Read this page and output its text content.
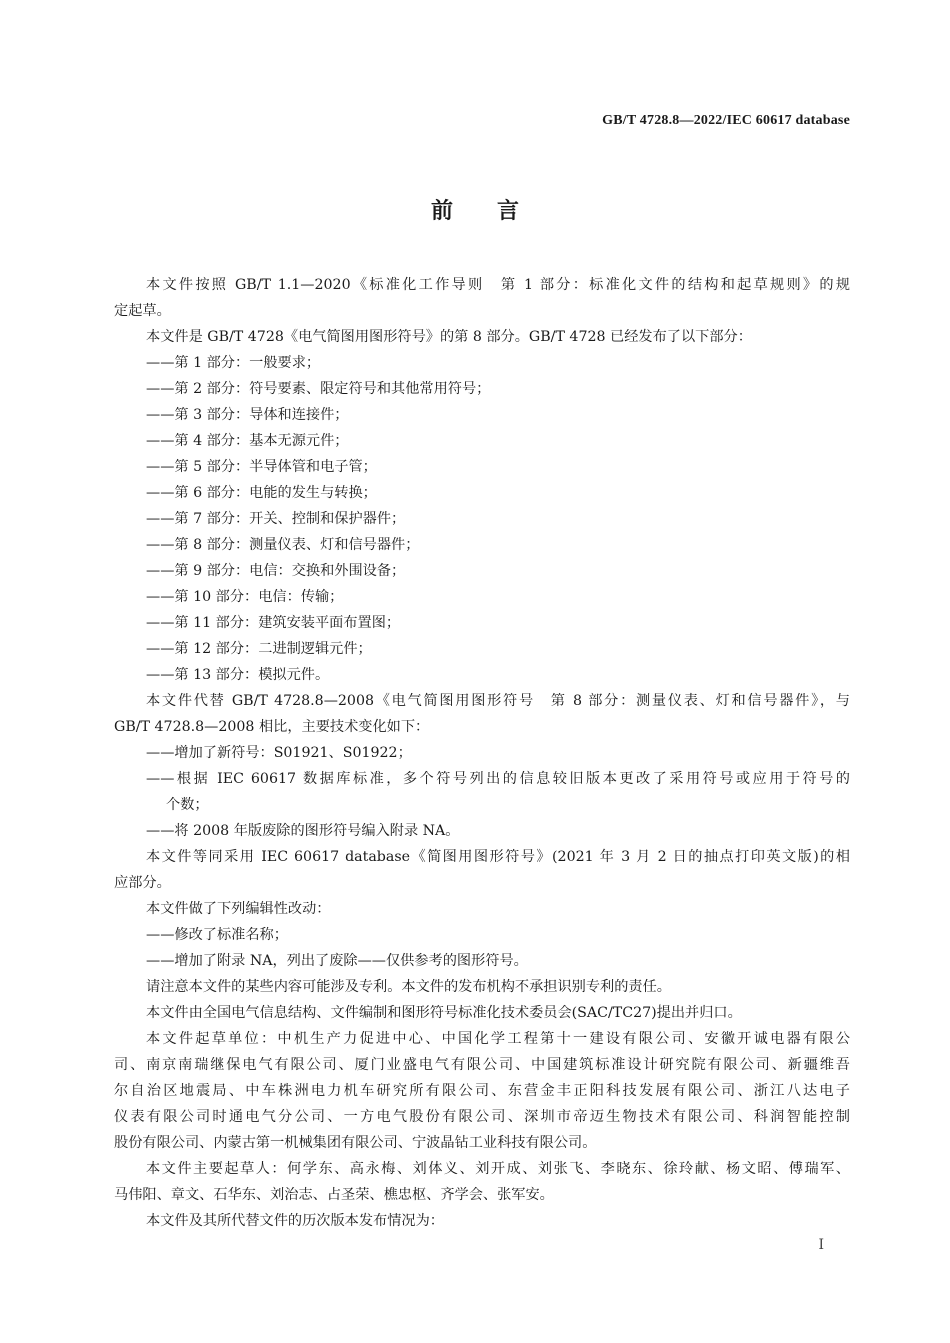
GB/T 4728.8—2022/IEC 60617 database
前言
本文件按照 GB/T 1.1—2020《标准化工作导则　第 1 部分：标准化文件的结构和起草规则》的规
定起草。
本文件是 GB/T 4728《电气简图用图形符号》的第 8 部分。GB/T 4728 已经发布了以下部分：
——第 1 部分：一般要求；
——第 2 部分：符号要素、限定符号和其他常用符号；
——第 3 部分：导体和连接件；
——第 4 部分：基本无源元件；
——第 5 部分：半导体管和电子管；
——第 6 部分：电能的发生与转换；
——第 7 部分：开关、控制和保护器件；
——第 8 部分：测量仪表、灯和信号器件；
——第 9 部分：电信：交换和外围设备；
——第 10 部分：电信：传输；
——第 11 部分：建筑安装平面布置图；
——第 12 部分：二进制逻辑元件；
——第 13 部分：模拟元件。
本文件代替 GB/T 4728.8—2008《电气简图用图形符号　第 8 部分：测量仪表、灯和信号器件》，与
GB/T 4728.8—2008 相比，主要技术变化如下：
——增加了新符号：S01921、S01922；
——根据 IEC 60617 数据库标准，多个符号列出的信息较旧版本更改了采用符号或应用于符号的
个数；
——将 2008 年版废除的图形符号编入附录 NA。
本文件等同采用 IEC 60617 database《简图用图形符号》(2021 年 3 月 2 日的抽点打印英文版)的相
应部分。
本文件做了下列编辑性改动：
——修改了标准名称；
——增加了附录 NA，列出了废除——仅供参考的图形符号。
请注意本文件的某些内容可能涉及专利。本文件的发布机构不承担识别专利的责任。
本文件由全国电气信息结构、文件编制和图形符号标准化技术委员会(SAC/TC27)提出并归口。
本文件起草单位：中机生产力促进中心、中国化学工程第十一建设有限公司、安徽开诚电器有限公
司、南京南瑞继保电气有限公司、厦门业盛电气有限公司、中国建筑标准设计研究院有限公司、新疆维吾
尔自治区地震局、中车株洲电力机车研究所有限公司、东营金丰正阳科技发展有限公司、浙江八达电子
仪表有限公司时通电气分公司、一方电气股份有限公司、深圳市帝迈生物技术有限公司、科润智能控制
股份有限公司、内蒙古第一机械集团有限公司、宁波晶钻工业科技有限公司。
本文件主要起草人：何学东、高永梅、刘体义、刘开成、刘张飞、李晓东、徐玲献、杨文昭、傅瑞军、
马伟阳、章文、石华东、刘治志、占圣荣、樵忠枢、齐学会、张军安。
本文件及其所代替文件的历次版本发布情况为：
I
